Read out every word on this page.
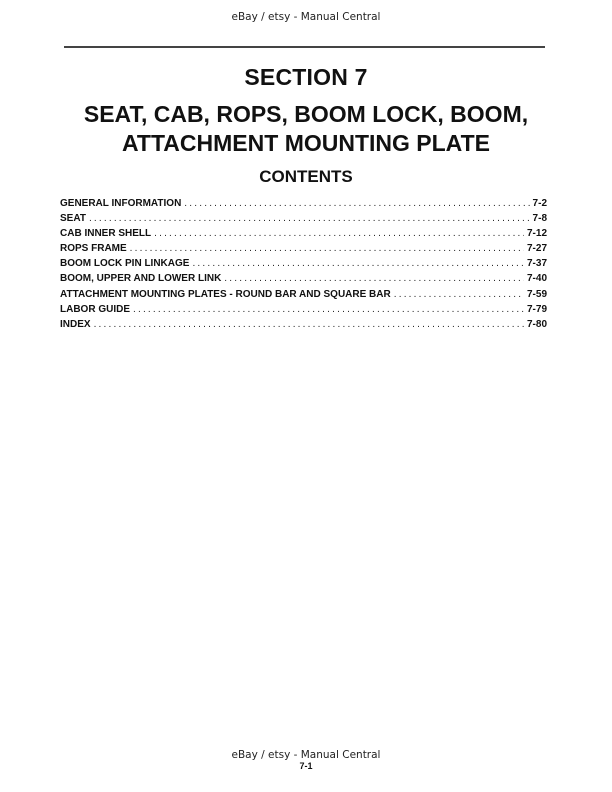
eBay / etsy - Manual Central
SECTION 7
SEAT, CAB, ROPS, BOOM LOCK, BOOM,
ATTACHMENT MOUNTING PLATE
CONTENTS
GENERAL INFORMATION .....	7-2
SEAT .....	7-8
CAB INNER SHELL .....	7-12
ROPS FRAME .....	7-27
BOOM LOCK PIN LINKAGE .....	7-37
BOOM, UPPER AND LOWER LINK .....	7-40
ATTACHMENT MOUNTING PLATES - ROUND BAR AND SQUARE BAR .....	7-59
LABOR GUIDE .....	7-79
INDEX .....	7-80
eBay / etsy - Manual Central
7-1
